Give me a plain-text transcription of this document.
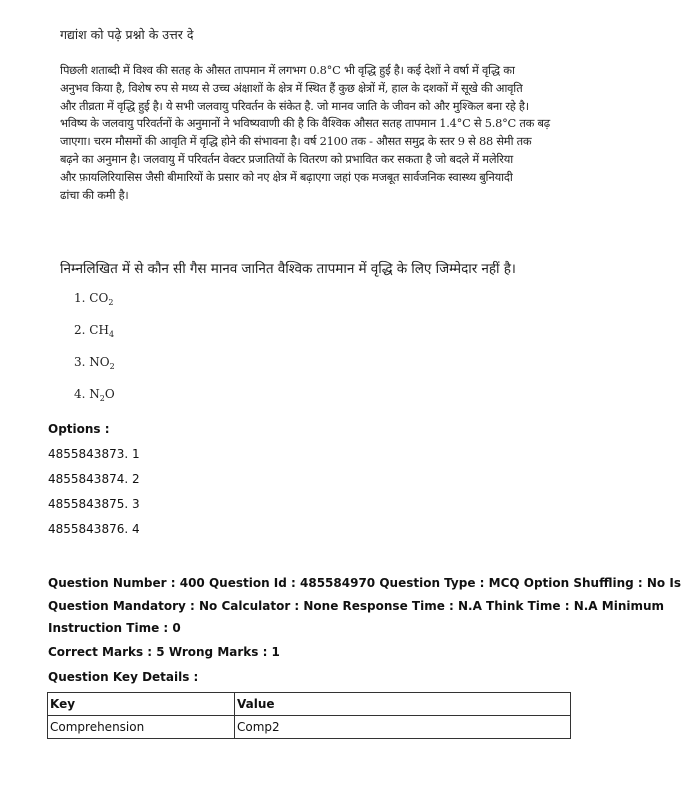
गद्यांश को पढ़े प्रश्नो के उत्तर दे
पिछली शताब्दी में विश्व की सतह के औसत तापमान में लगभग 0.8°C भी वृद्धि हुई है। कई देशों ने वर्षा में वृद्धि का
अनुभव किया है, विशेष रुप से मध्य से उच्च अंक्षाशों के क्षेत्र में स्थित हैं कुछ क्षेत्रों में, हाल के दशकों में सूखे की आवृति
और तीव्रता में वृद्धि हुई है। ये सभी जलवायु परिवर्तन के संकेत है. जो मानव जाति के जीवन को और मुश्किल बना रहे है।
भविष्य के जलवायु परिवर्तनों के अनुमानों ने भविष्यवाणी की है कि वैश्विक औसत सतह तापमान 1.4°C से 5.8°C तक बढ़
जाएगा। चरम मौसमों की आवृति में वृद्धि होने की संभावना है। वर्ष 2100 तक - औसत समुद्र के स्तर 9 से 88 सेमी तक
बढ़ने का अनुमान है। जलवायु में परिवर्तन वेक्टर प्रजातियों के वितरण को प्रभावित कर सकता है जो बदले में मलेरिया
और फ़ायलिरियासिस जैसी बीमारियों के प्रसार को नए क्षेत्र में बढ़ाएगा जहां एक मजबूत सार्वजनिक स्वास्थ्य बुनियादी
ढांचा की कमी है।
निम्नलिखित में से कौन सी गैस मानव जानित वैश्विक तापमान में वृद्धि के लिए जिम्मेदार नहीं है।
1. $CO_2$
2. $CH_4$
3. $NO_2$
4. $N_2O$
Options :
4855843873. 1
4855843874. 2
4855843875. 3
4855843876. 4
Question Number : 400 Question Id : 485584970 Question Type : MCQ Option Shuffling : No Is
Question Mandatory : No Calculator : None Response Time : N.A Think Time : N.A Minimum
Instruction Time : 0
Correct Marks : 5 Wrong Marks : 1
Question Key Details :
Key	Value
Comprehension	Comp2
